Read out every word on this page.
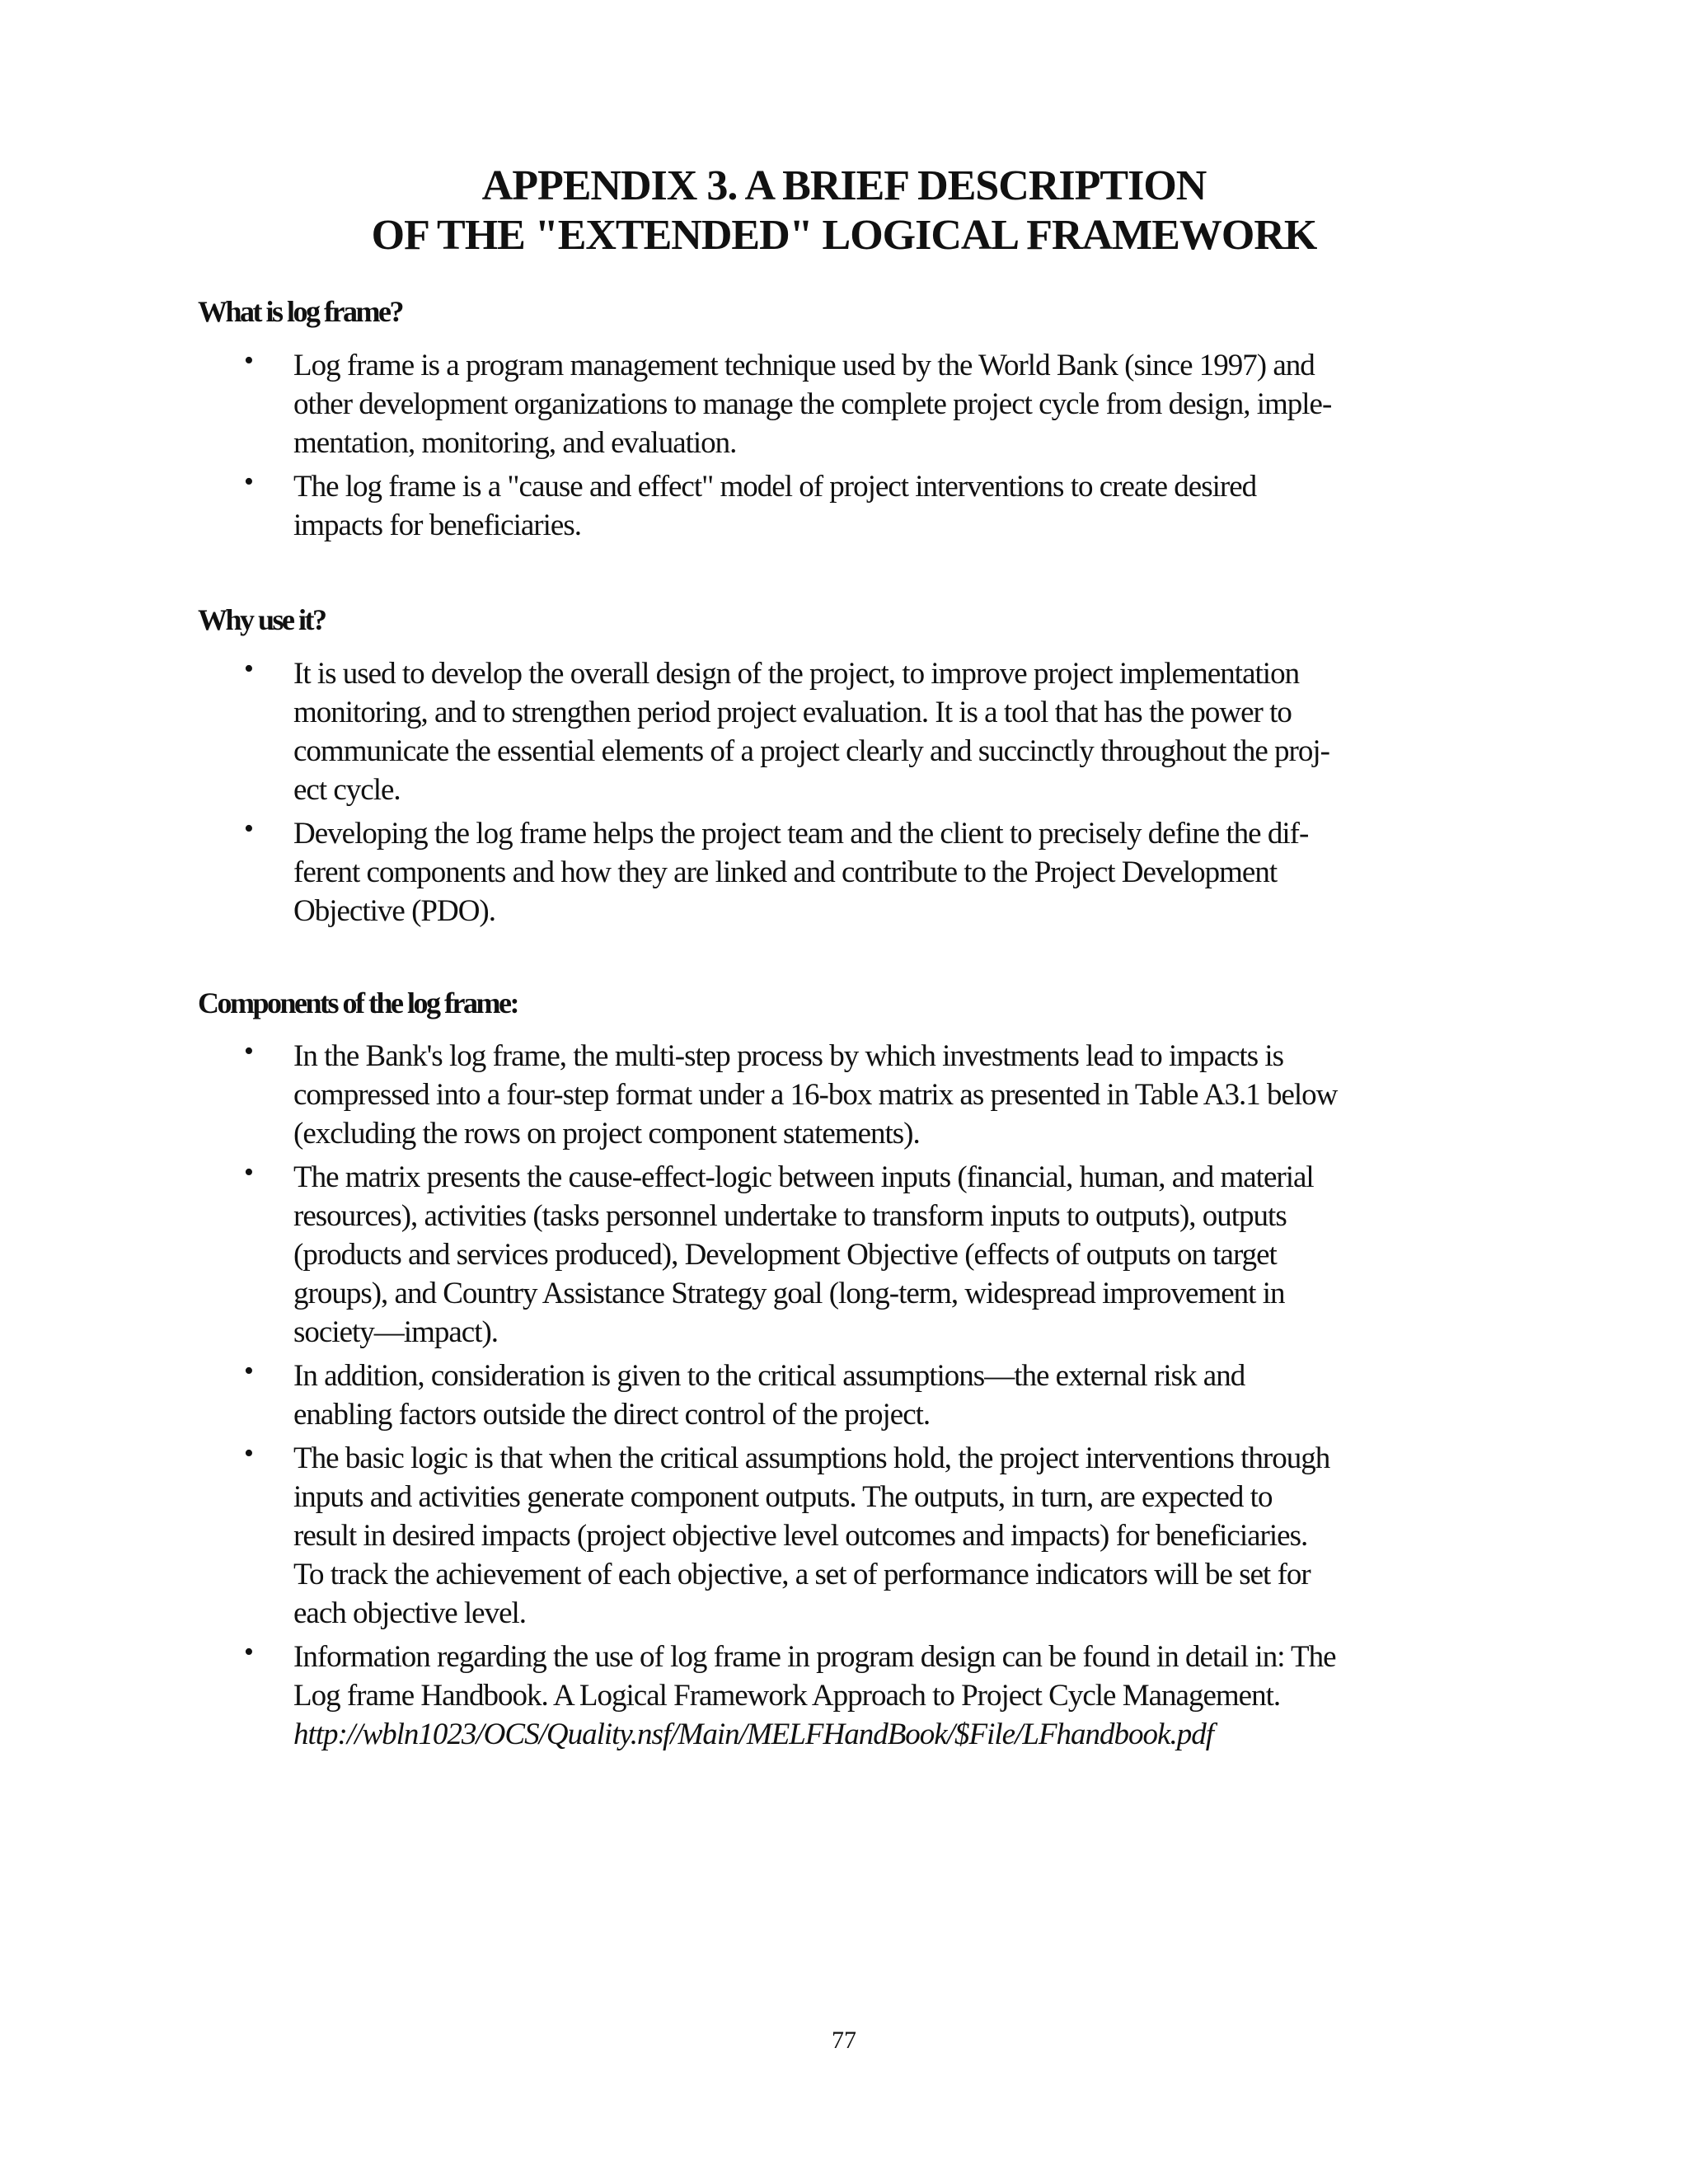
APPENDIX 3. A BRIEF DESCRIPTION
OF THE "EXTENDED" LOGICAL FRAMEWORK
What is log frame?
•	Log frame is a program management technique used by the World Bank (since 1997) and
other development organizations to manage the complete project cycle from design, imple-
mentation, monitoring, and evaluation.
•	The log frame is a "cause and effect" model of project interventions to create desired
impacts for beneficiaries.
Why use it?
•	It is used to develop the overall design of the project, to improve project implementation
monitoring, and to strengthen period project evaluation. It is a tool that has the power to
communicate the essential elements of a project clearly and succinctly throughout the proj-
ect cycle.
•	Developing the log frame helps the project team and the client to precisely define the dif-
ferent components and how they are linked and contribute to the Project Development
Objective (PDO).
Components of the log frame:
•	In the Bank's log frame, the multi-step process by which investments lead to impacts is
compressed into a four-step format under a 16-box matrix as presented in Table A3.1 below
(excluding the rows on project component statements).
•	The matrix presents the cause-effect-logic between inputs (financial, human, and material
resources), activities (tasks personnel undertake to transform inputs to outputs), outputs
(products and services produced), Development Objective (effects of outputs on target
groups), and Country Assistance Strategy goal (long-term, widespread improvement in
society—impact).
•	In addition, consideration is given to the critical assumptions—the external risk and
enabling factors outside the direct control of the project.
•	The basic logic is that when the critical assumptions hold, the project interventions through
inputs and activities generate component outputs. The outputs, in turn, are expected to
result in desired impacts (project objective level outcomes and impacts) for beneficiaries.
To track the achievement of each objective, a set of performance indicators will be set for
each objective level.
•	Information regarding the use of log frame in program design can be found in detail in: The
Log frame Handbook. A Logical Framework Approach to Project Cycle Management.
http://wbln1023/OCS/Quality.nsf/Main/MELFHandBook/$File/LFhandbook.pdf
77
